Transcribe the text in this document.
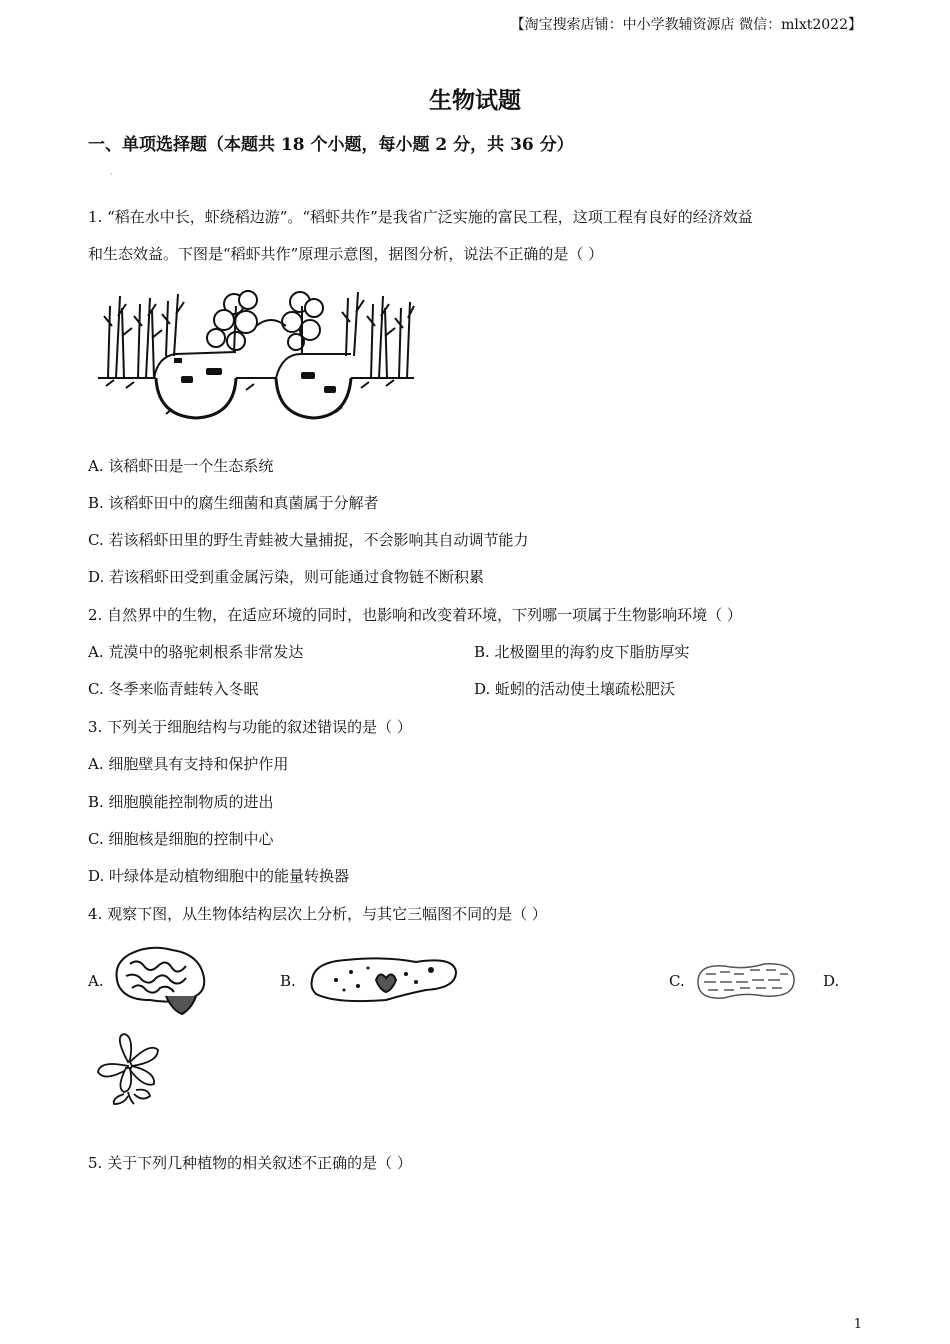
【淘宝搜索店铺：中小学教辅资源店 微信：mlxt2022】
生物试题
一、单项选择题（本题共 18 个小题，每小题 2 分，共 36 分）
·
1. “稻在水中长，虾绕稻边游”。“稻虾共作”是我省广泛实施的富民工程，这项工程有良好的经济效益
和生态效益。下图是“稻虾共作”原理示意图，据图分析，说法不正确的是（ ）
A. 该稻虾田是一个生态系统
B. 该稻虾田中的腐生细菌和真菌属于分解者
C. 若该稻虾田里的野生青蛙被大量捕捉，不会影响其自动调节能力
D. 若该稻虾田受到重金属污染，则可能通过食物链不断积累
2. 自然界中的生物，在适应环境的同时，也影响和改变着环境，下列哪一项属于生物影响环境（ ）
A. 荒漠中的骆驼刺根系非常发达	B. 北极圈里的海豹皮下脂肪厚实
C. 冬季来临青蛙转入冬眠	D. 蚯蚓的活动使土壤疏松肥沃
3. 下列关于细胞结构与功能的叙述错误的是（ ）
A. 细胞壁具有支持和保护作用
B. 细胞膜能控制物质的进出
C. 细胞核是细胞的控制中心
D. 叶绿体是动植物细胞中的能量转换器
4. 观察下图，从生物体结构层次上分析，与其它三幅图不同的是（ ）
A.	B.	C.	D.
5. 关于下列几种植物的相关叙述不正确的是（ ）
1
